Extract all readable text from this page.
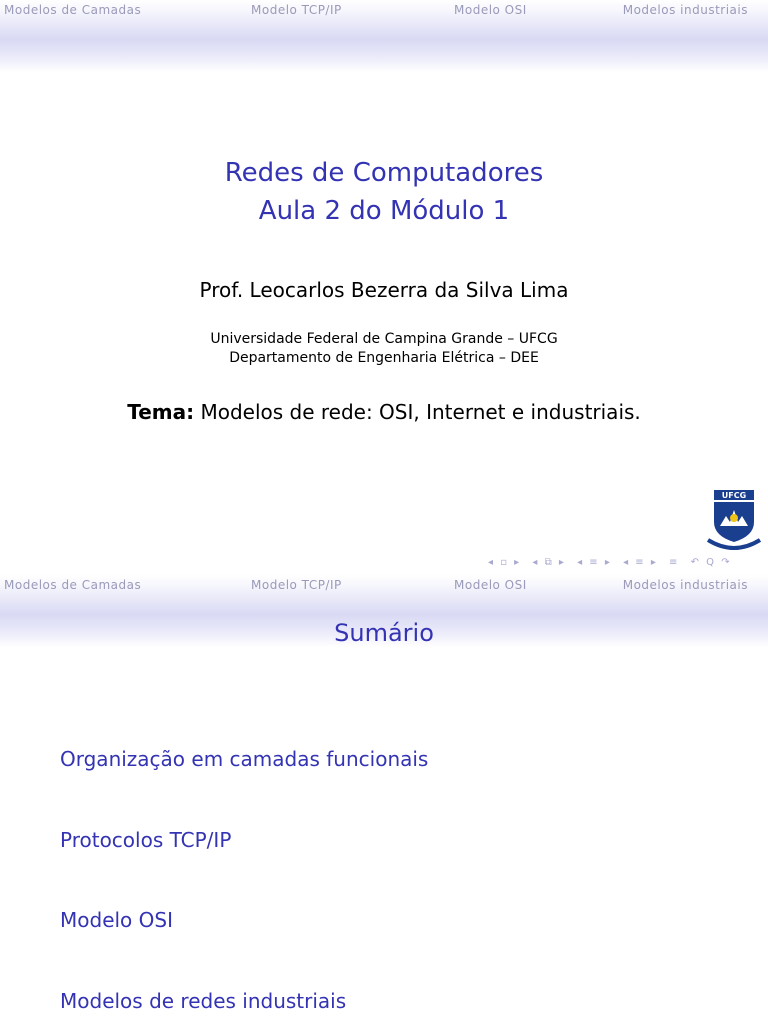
Modelos de Camadas	Modelo TCP/IP	Modelo OSI	Modelos industriais
Redes de Computadores
Aula 2 do Módulo 1
Prof. Leocarlos Bezerra da Silva Lima
Universidade Federal de Campina Grande – UFCG
Departamento de Engenharia Elétrica – DEE
Tema: Modelos de rede: OSI, Internet e industriais.
UFCG
◂ ▫ ▸ ◂ ⧉ ▸ ◂ ≡ ▸ ◂ ≡ ▸ ≡ ↶ Q ↷
Modelos de Camadas	Modelo TCP/IP	Modelo OSI	Modelos industriais
Sumário
Organização em camadas funcionais
Protocolos TCP/IP
Modelo OSI
Modelos de redes industriais
